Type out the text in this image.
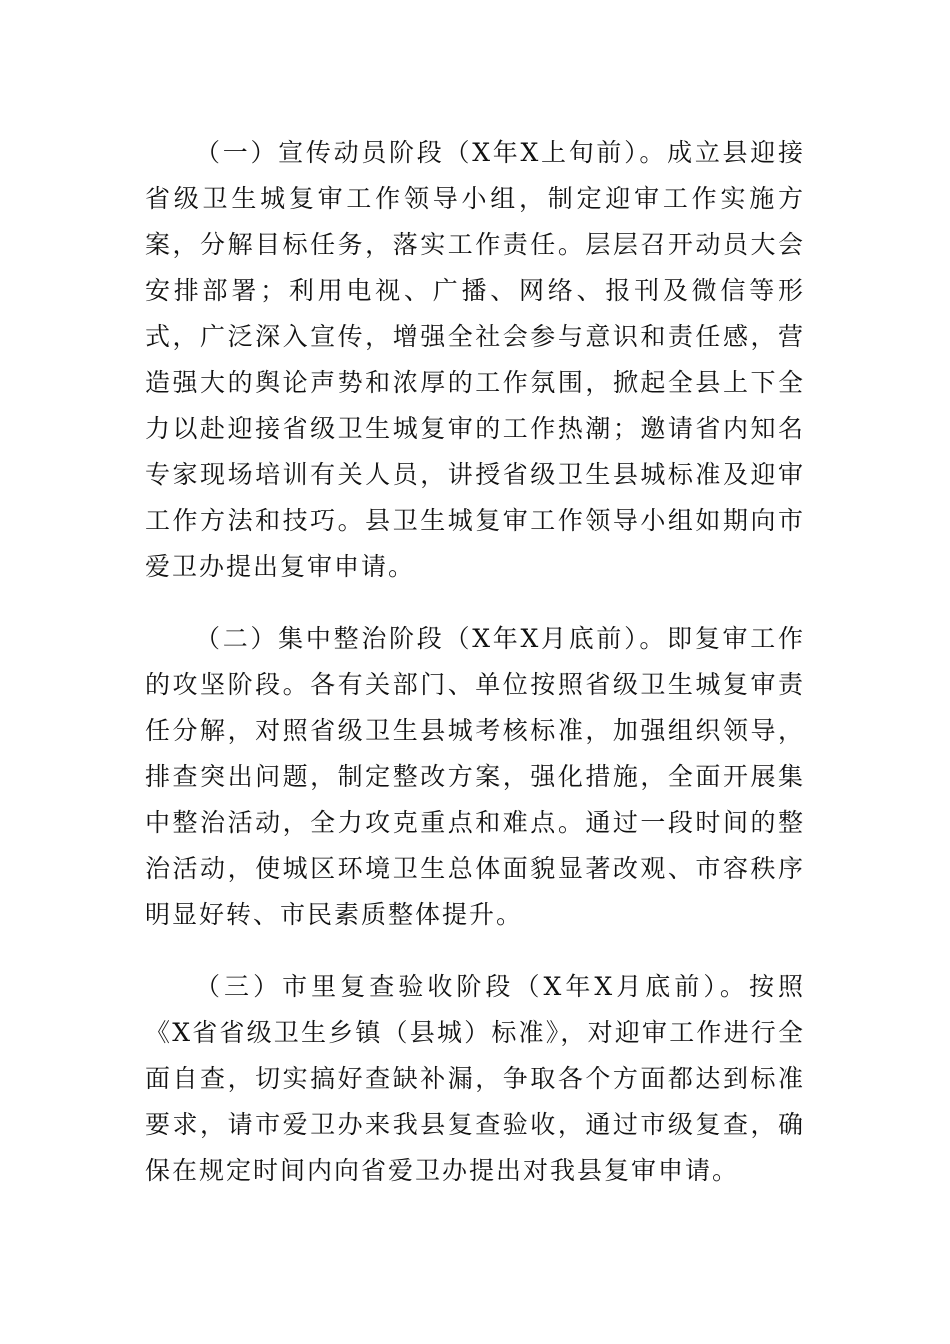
（一）宣传动员阶段（X年X上旬前）。成立县迎接省级卫生城复审工作领导小组，制定迎审工作实施方案，分解目标任务，落实工作责任。层层召开动员大会安排部署；利用电视、广播、网络、报刊及微信等形式，广泛深入宣传，增强全社会参与意识和责任感，营造强大的舆论声势和浓厚的工作氛围，掀起全县上下全力以赴迎接省级卫生城复审的工作热潮；邀请省内知名专家现场培训有关人员，讲授省级卫生县城标准及迎审工作方法和技巧。县卫生城复审工作领导小组如期向市爱卫办提出复审申请。

（二）集中整治阶段（X年X月底前）。即复审工作的攻坚阶段。各有关部门、单位按照省级卫生城复审责任分解，对照省级卫生县城考核标准，加强组织领导，排查突出问题，制定整改方案，强化措施，全面开展集中整治活动，全力攻克重点和难点。通过一段时间的整治活动，使城区环境卫生总体面貌显著改观、市容秩序明显好转、市民素质整体提升。

（三）市里复查验收阶段（X年X月底前）。按照《X省省级卫生乡镇（县城）标准》，对迎审工作进行全面自查，切实搞好查缺补漏，争取各个方面都达到标准要求，请市爱卫办来我县复查验收，通过市级复查，确保在规定时间内向省爱卫办提出对我县复审申请。
